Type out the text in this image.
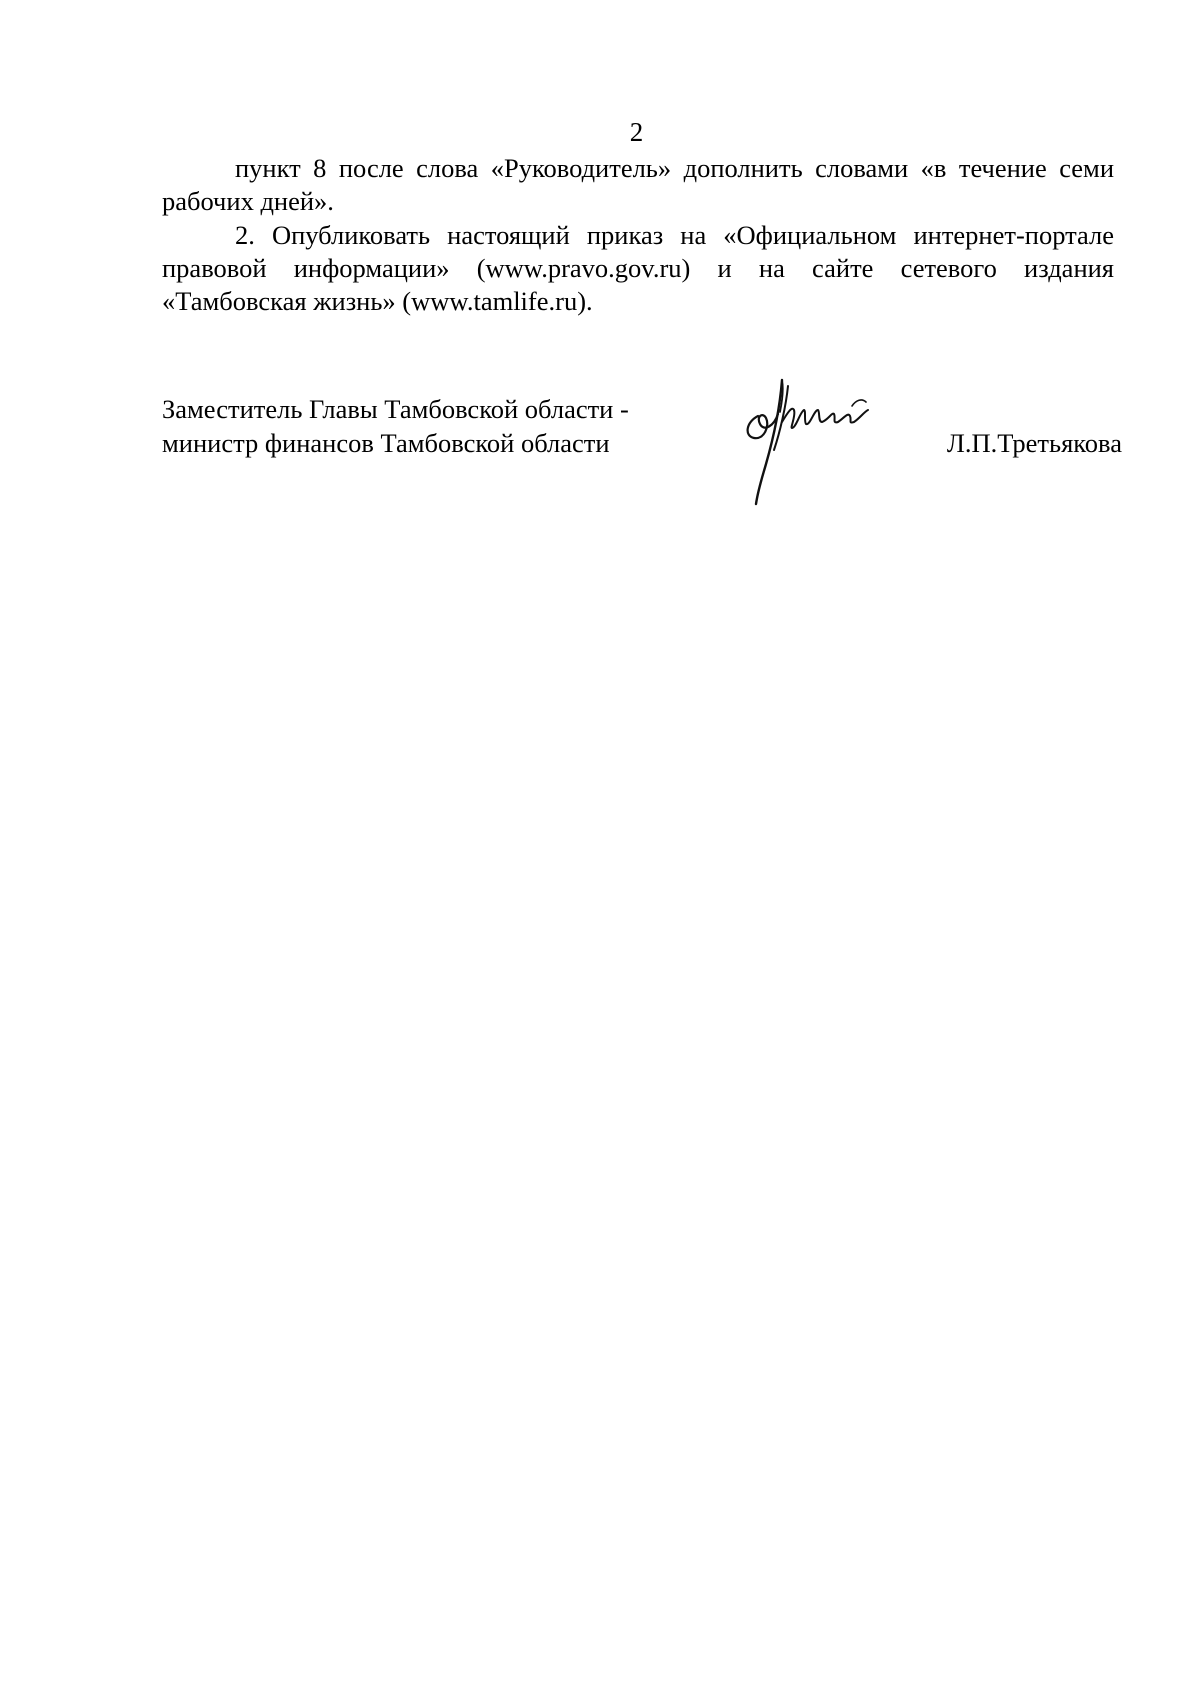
2

пункт 8 после слова «Руководитель» дополнить словами «в течение семи рабочих дней».

2. Опубликовать настоящий приказ на «Официальном интернет-портале правовой информации» (www.pravo.gov.ru) и на сайте сетевого издания «Тамбовская жизнь» (www.tamlife.ru).

Заместитель Главы Тамбовской области -
министр финансов Тамбовской области	Л.П.Третьякова
